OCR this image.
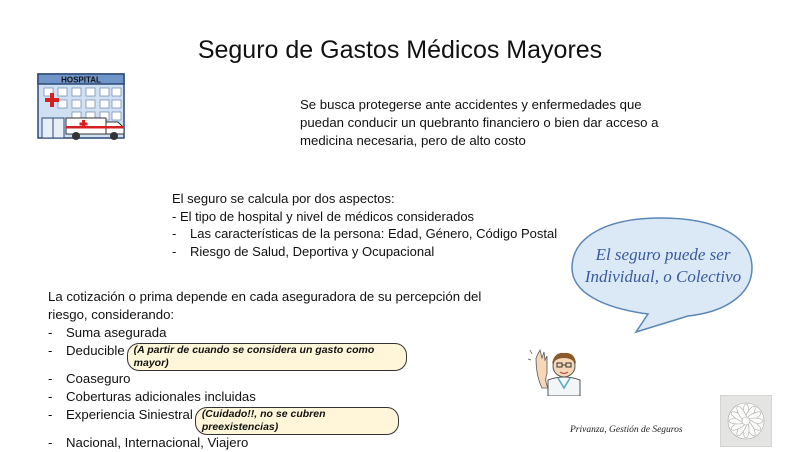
Seguro de Gastos Médicos Mayores
HOSPITAL
Se busca protegerse ante accidentes y enfermedades que puedan conducir un quebranto financiero o bien dar acceso a medicina necesaria, pero de alto costo
El seguro se calcula por dos aspectos:
- El tipo de hospital y nivel de médicos considerados
-	Las características de la persona: Edad, Género, Código Postal
-	Riesgo de Salud, Deportiva y Ocupacional
La cotización o prima depende en cada aseguradora de su percepción del riesgo, considerando:
-	Suma asegurada
-	Deducible (A partir de cuando se considera un gasto como mayor)
-	Coaseguro
-	Coberturas adicionales incluidas
-	Experiencia Siniestral (Cuidado!!, no se cubren preexistencias)
-	Nacional, Internacional, Viajero
El seguro puede ser Individual, o Colectivo
Privanza, Gestión de Seguros
